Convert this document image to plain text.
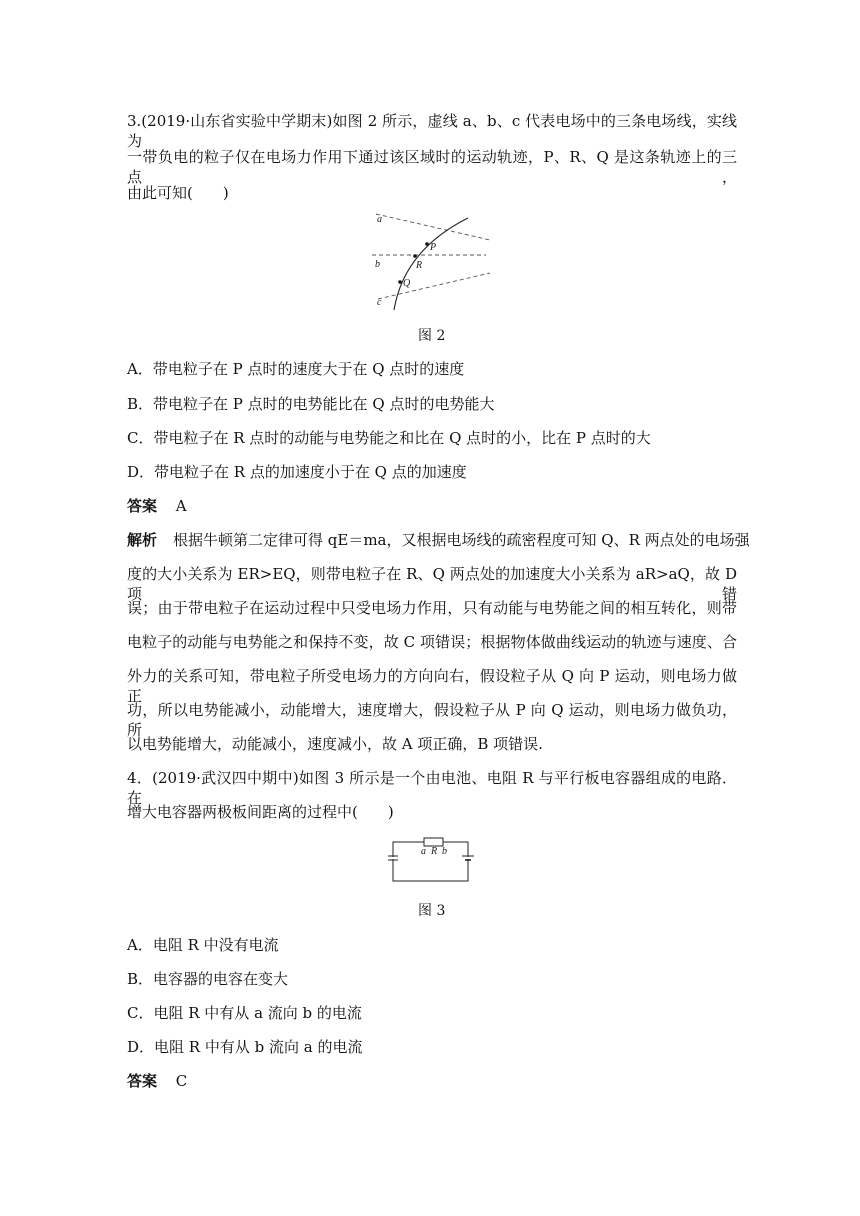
3.(2019·山东省实验中学期末)如图 2 所示，虚线 a、b、c 代表电场中的三条电场线，实线为
一带负电的粒子仅在电场力作用下通过该区域时的运动轨迹，P、R、Q 是这条轨迹上的三点，
由此可知(　　)
a
b
c
P
R
Q
图 2
A．带电粒子在 P 点时的速度大于在 Q 点时的速度
B．带电粒子在 P 点时的电势能比在 Q 点时的电势能大
C．带电粒子在 R 点时的动能与电势能之和比在 Q 点时的小，比在 P 点时的大
D．带电粒子在 R 点的加速度小于在 Q 点的加速度
答案 A
解析 根据牛顿第二定律可得 qE＝ma，又根据电场线的疏密程度可知 Q、R 两点处的电场强
度的大小关系为 ER>EQ，则带电粒子在 R、Q 两点处的加速度大小关系为 aR>aQ，故 D 项错
误；由于带电粒子在运动过程中只受电场力作用，只有动能与电势能之间的相互转化，则带
电粒子的动能与电势能之和保持不变，故 C 项错误；根据物体做曲线运动的轨迹与速度、合
外力的关系可知，带电粒子所受电场力的方向向右，假设粒子从 Q 向 P 运动，则电场力做正
功，所以电势能减小，动能增大，速度增大，假设粒子从 P 向 Q 运动，则电场力做负功，所
以电势能增大，动能减小，速度减小，故 A 项正确，B 项错误.
4．(2019·武汉四中期中)如图 3 所示是一个由电池、电阻 R 与平行板电容器组成的电路．在
增大电容器两极板间距离的过程中(　　)
a R b
图 3
A．电阻 R 中没有电流
B．电容器的电容在变大
C．电阻 R 中有从 a 流向 b 的电流
D．电阻 R 中有从 b 流向 a 的电流
答案 C
